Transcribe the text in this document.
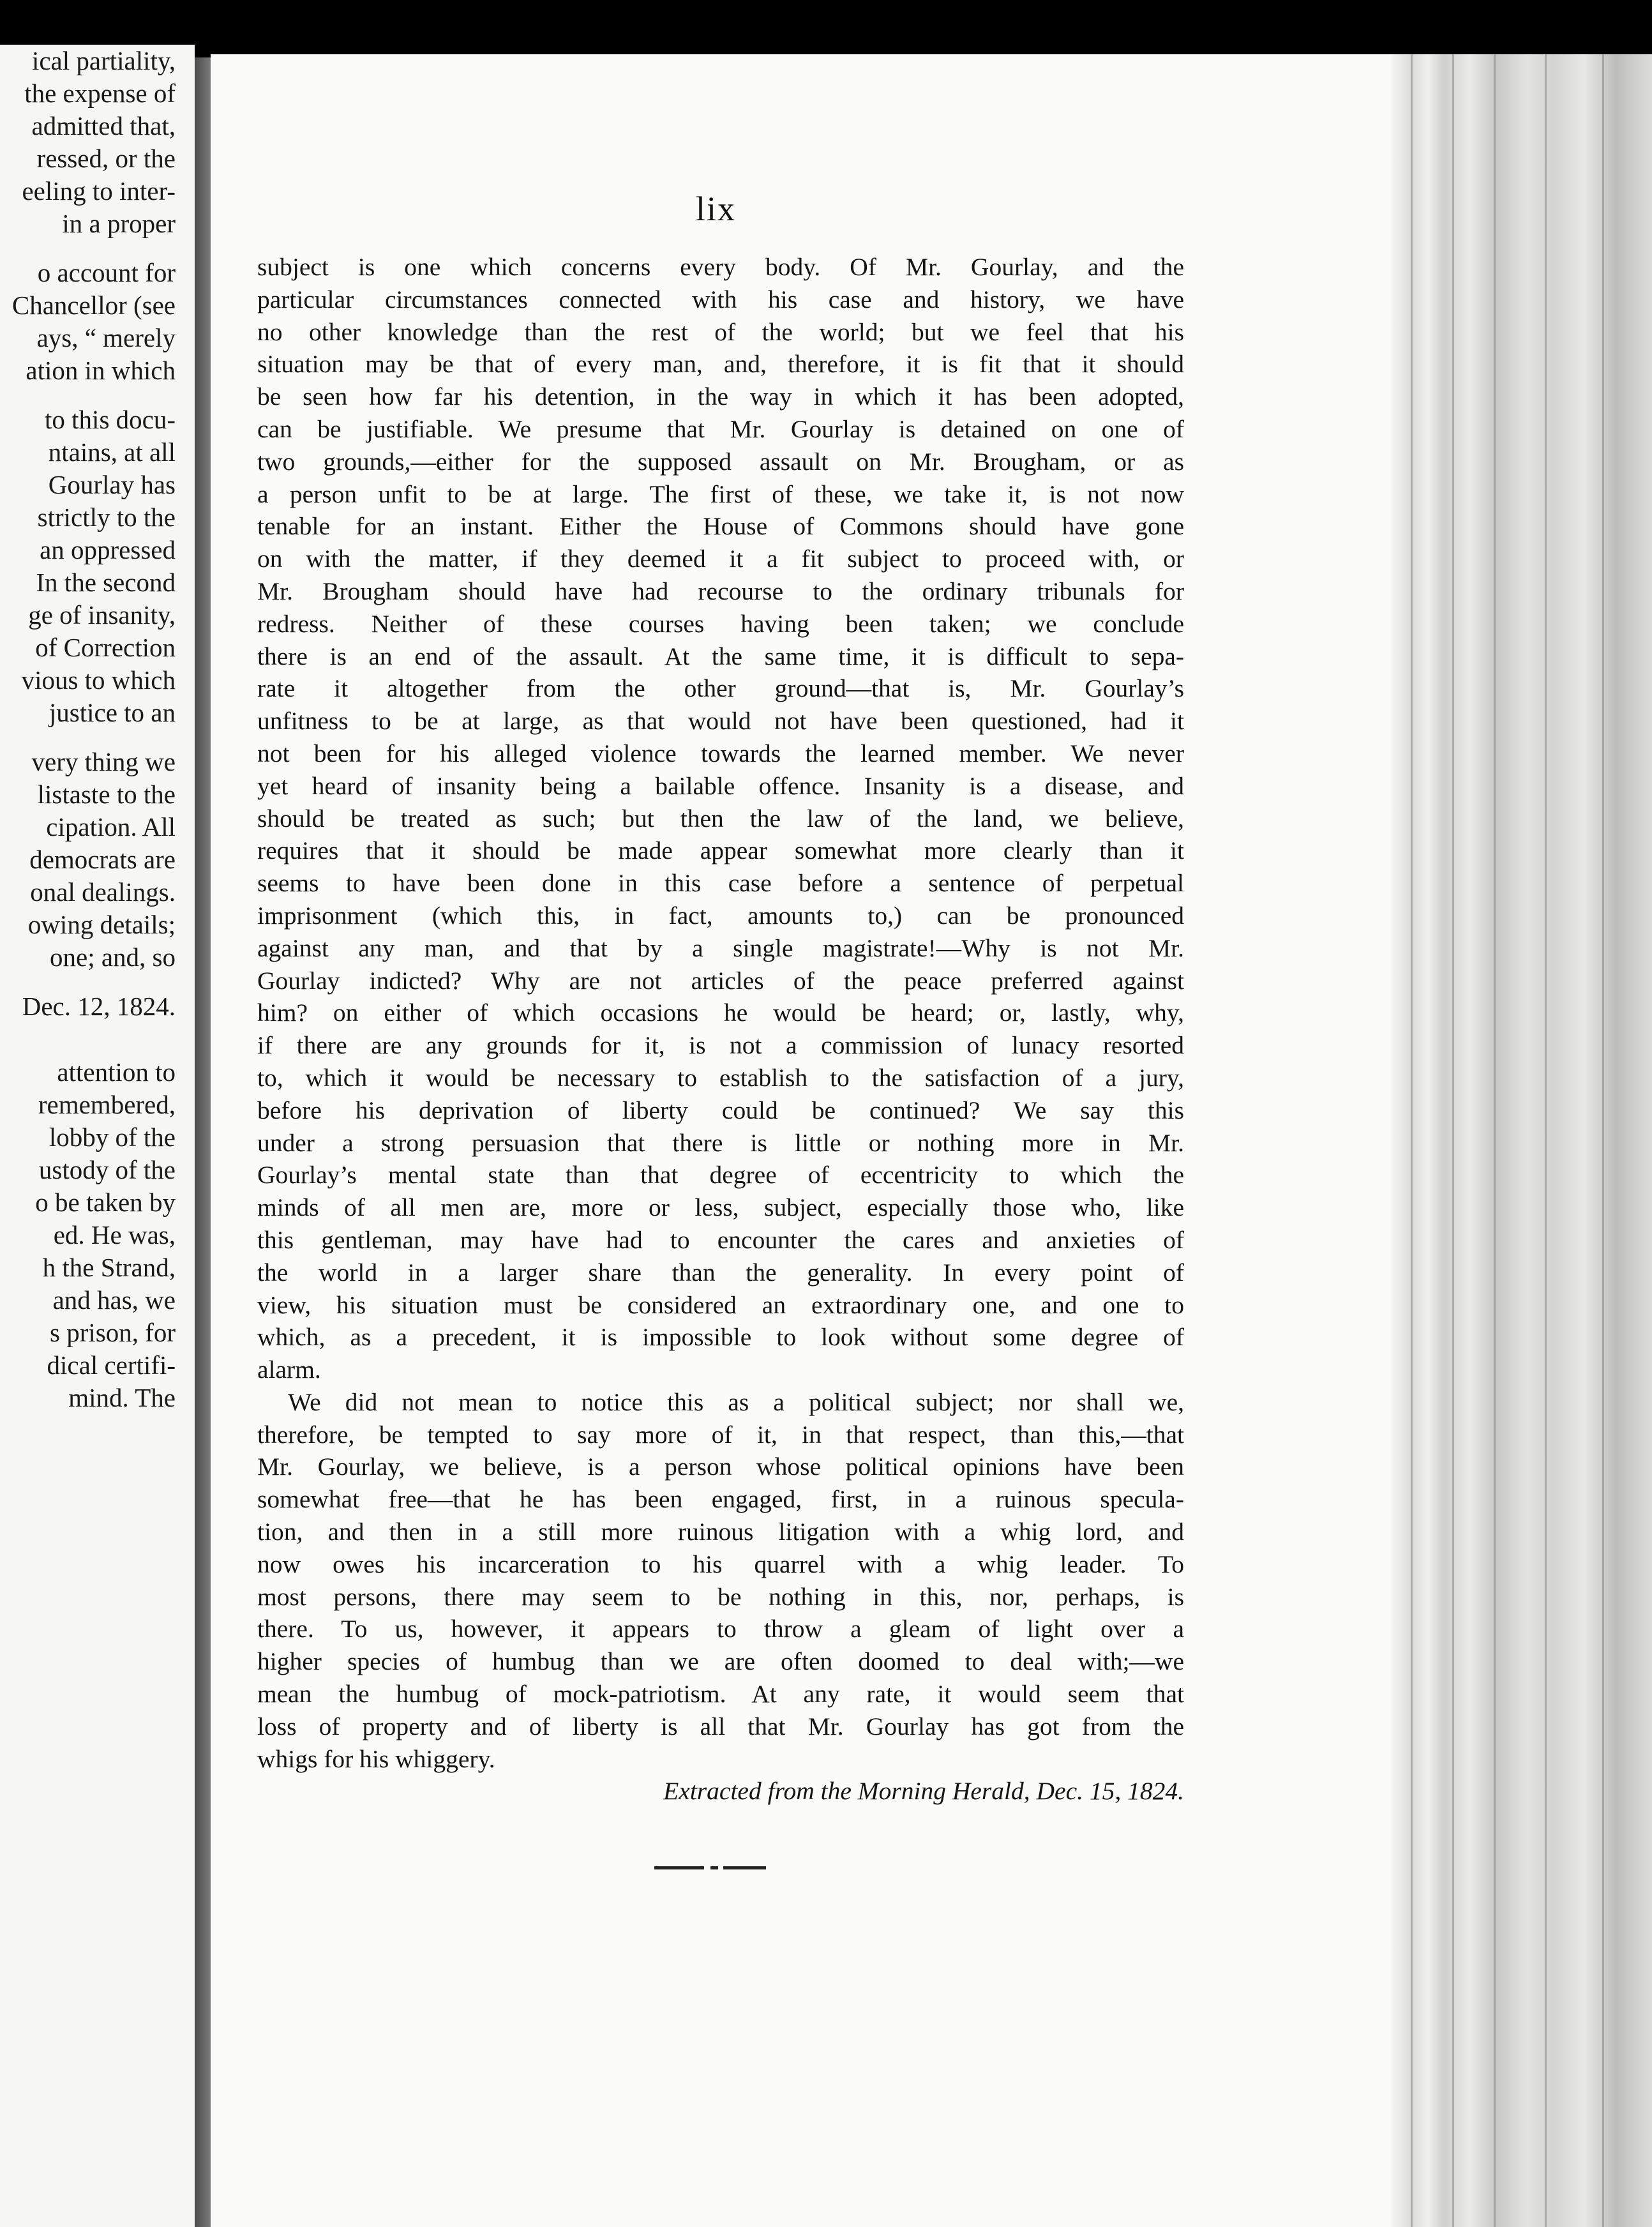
ical partiality,
the expense of
admitted that,
ressed, or the
eeling to inter-
in a proper
o account for
Chancellor (see
ays, “ merely
ation in which
to this docu-
ntains, at all
Gourlay has
strictly to the
an oppressed
In the second
ge of insanity,
of Correction
vious to which
justice to an
very thing we
listaste to the
cipation. All
democrats are
onal dealings.
owing details;
one; and, so
Dec. 12, 1824.
attention to
remembered,
lobby of the
ustody of the
o be taken by
ed. He was,
h the Strand,
and has, we
s prison, for
dical certifi-
mind. The
lix
subject is one which concerns every body. Of Mr. Gourlay, and the
particular circumstances connected with his case and history, we have
no other knowledge than the rest of the world; but we feel that his
situation may be that of every man, and, therefore, it is fit that it should
be seen how far his detention, in the way in which it has been adopted,
can be justifiable. We presume that Mr. Gourlay is detained on one of
two grounds,—either for the supposed assault on Mr. Brougham, or as
a person unfit to be at large. The first of these, we take it, is not now
tenable for an instant. Either the House of Commons should have gone
on with the matter, if they deemed it a fit subject to proceed with, or
Mr. Brougham should have had recourse to the ordinary tribunals for
redress. Neither of these courses having been taken; we conclude
there is an end of the assault. At the same time, it is difficult to sepa-
rate it altogether from the other ground—that is, Mr. Gourlay’s
unfitness to be at large, as that would not have been questioned, had it
not been for his alleged violence towards the learned member. We never
yet heard of insanity being a bailable offence. Insanity is a disease, and
should be treated as such; but then the law of the land, we believe,
requires that it should be made appear somewhat more clearly than it
seems to have been done in this case before a sentence of perpetual
imprisonment (which this, in fact, amounts to,) can be pronounced
against any man, and that by a single magistrate!—Why is not Mr.
Gourlay indicted? Why are not articles of the peace preferred against
him? on either of which occasions he would be heard; or, lastly, why,
if there are any grounds for it, is not a commission of lunacy resorted
to, which it would be necessary to establish to the satisfaction of a jury,
before his deprivation of liberty could be continued? We say this
under a strong persuasion that there is little or nothing more in Mr.
Gourlay’s mental state than that degree of eccentricity to which the
minds of all men are, more or less, subject, especially those who, like
this gentleman, may have had to encounter the cares and anxieties of
the world in a larger share than the generality. In every point of
view, his situation must be considered an extraordinary one, and one to
which, as a precedent, it is impossible to look without some degree of
alarm.
We did not mean to notice this as a political subject; nor shall we,
therefore, be tempted to say more of it, in that respect, than this,—that
Mr. Gourlay, we believe, is a person whose political opinions have been
somewhat free—that he has been engaged, first, in a ruinous specula-
tion, and then in a still more ruinous litigation with a whig lord, and
now owes his incarceration to his quarrel with a whig leader. To
most persons, there may seem to be nothing in this, nor, perhaps, is
there. To us, however, it appears to throw a gleam of light over a
higher species of humbug than we are often doomed to deal with;—we
mean the humbug of mock-patriotism. At any rate, it would seem that
loss of property and of liberty is all that Mr. Gourlay has got from the
whigs for his whiggery.
Extracted from the Morning Herald, Dec. 15, 1824.
